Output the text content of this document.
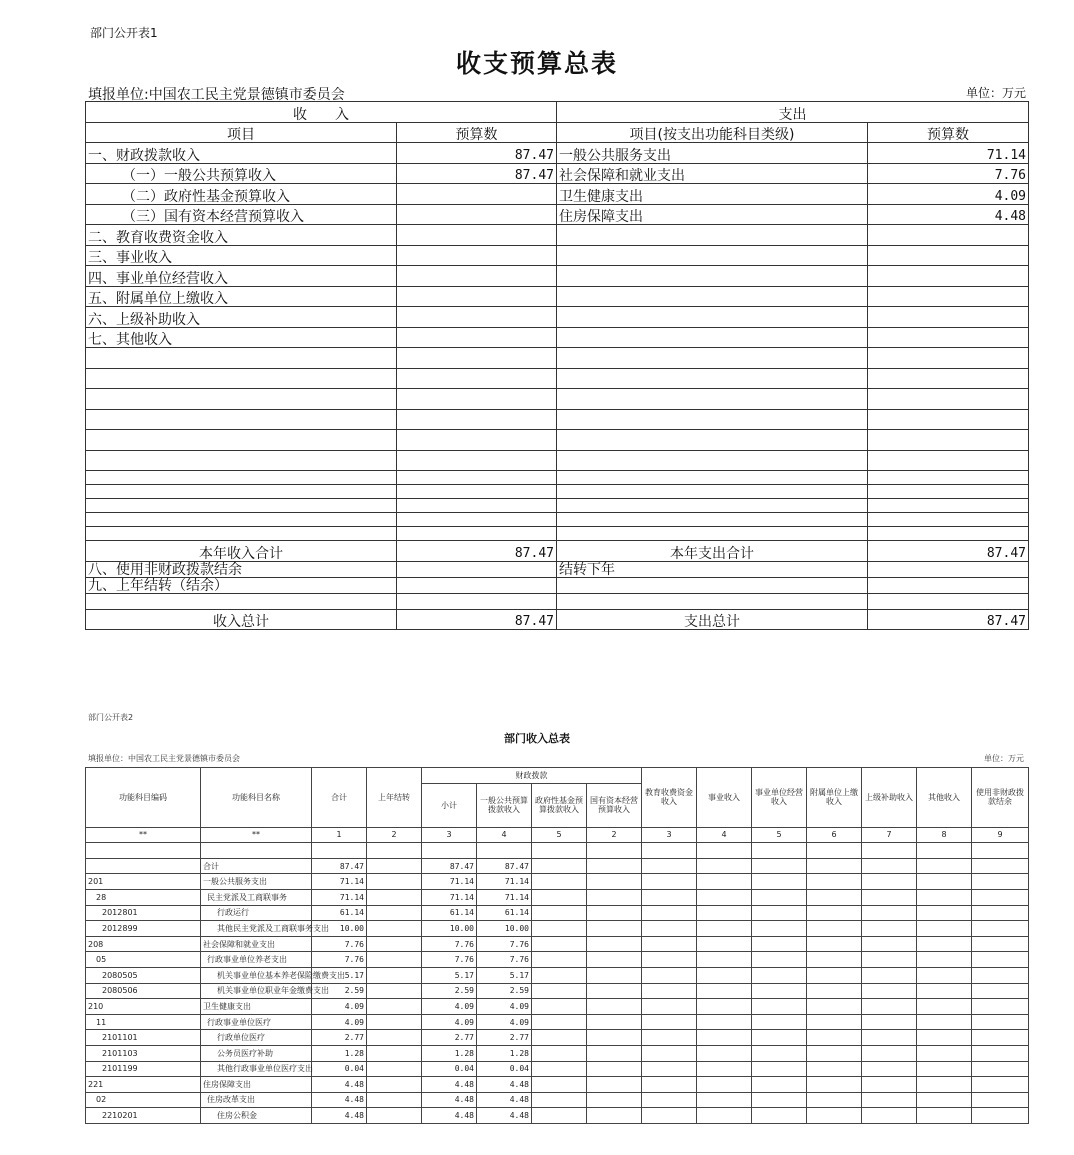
部门公开表1
收支预算总表
填报单位:中国农工民主党景德镇市委员会	单位：万元
收　　入		支出	
项目	预算数	项目(按支出功能科目类级)	预算数
一、财政拨款收入	87.47	一般公共服务支出	71.14
（一）一般公共预算收入	87.47	社会保障和就业支出	7.76
（二）政府性基金预算收入		卫生健康支出	4.09
（三）国有资本经营预算收入		住房保障支出	4.48
二、教育收费资金收入			
三、事业收入			
四、事业单位经营收入			
五、附属单位上缴收入			
六、上级补助收入			
七、其他收入			

本年收入合计	87.47	本年支出合计	87.47
八、使用非财政拨款结余		结转下年	
九、上年结转（结余）			

收入总计	87.47	支出总计	87.47
部门公开表2
部门收入总表
填报单位：中国农工民主党景德镇市委员会	单位：万元
功能科目编码	功能科目名称	合计	上年结转	财政拨款				教育收费资金收入	事业收入	事业单位经营收入	附属单位上缴收入	上级补助收入	其他收入	使用非财政拨款结余
				小计	一般公共预算拨款收入	政府性基金预算拨款收入	国有资本经营预算收入							
**	**	1	2	3	4	5	2	3	4	5	6	7	8	9

	合计	87.47		87.47	87.47									
201	一般公共服务支出	71.14		71.14	71.14									
28	民主党派及工商联事务	71.14		71.14	71.14									
2012801	行政运行	61.14		61.14	61.14									
2012899	其他民主党派及工商联事务支出	10.00		10.00	10.00									
208	社会保障和就业支出	7.76		7.76	7.76									
05	行政事业单位养老支出	7.76		7.76	7.76									
2080505	机关事业单位基本养老保险缴费支出	5.17		5.17	5.17									
2080506	机关事业单位职业年金缴费支出	2.59		2.59	2.59									
210	卫生健康支出	4.09		4.09	4.09									
11	行政事业单位医疗	4.09		4.09	4.09									
2101101	行政单位医疗	2.77		2.77	2.77									
2101103	公务员医疗补助	1.28		1.28	1.28									
2101199	其他行政事业单位医疗支出	0.04		0.04	0.04									
221	住房保障支出	4.48		4.48	4.48									
02	住房改革支出	4.48		4.48	4.48									
2210201	住房公积金	4.48		4.48	4.48									
